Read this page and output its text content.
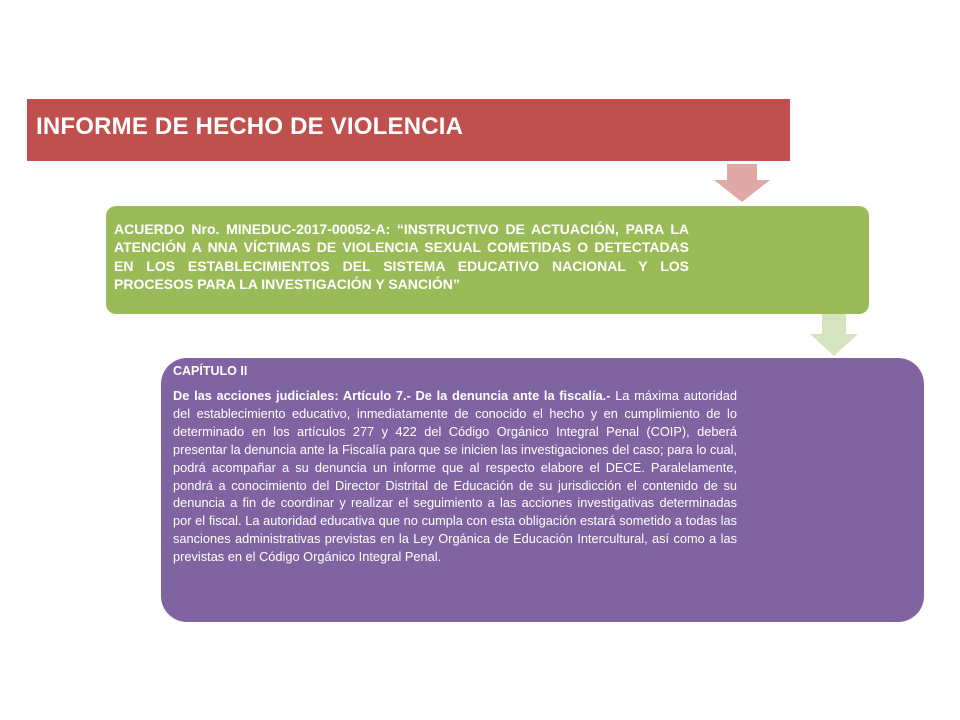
INFORME DE HECHO DE VIOLENCIA
ACUERDO Nro. MINEDUC-2017-00052-A: “INSTRUCTIVO DE ACTUACIÓN, PARA LA ATENCIÓN A NNA VÍCTIMAS DE VIOLENCIA SEXUAL COMETIDAS O DETECTADAS EN LOS ESTABLECIMIENTOS DEL SISTEMA EDUCATIVO NACIONAL Y LOS PROCESOS PARA LA INVESTIGACIÓN Y SANCIÓN”
CAPÍTULO II
De las acciones judiciales: Artículo 7.- De la denuncia ante la fiscalía.- La máxima autoridad del establecimiento educativo, inmediatamente de conocido el hecho y en cumplimiento de lo determinado en los artículos 277 y 422 del Código Orgánico Integral Penal (COIP), deberá presentar la denuncia ante la Fiscalía para que se inicien las investigaciones del caso; para lo cual, podrá acompañar a su denuncia un informe que al respecto elabore el DECE. Paralelamente, pondrá a conocimiento del Director Distrital de Educación de su jurisdicción el contenido de su denuncia a fin de coordinar y realizar el seguimiento a las acciones investigativas determinadas por el fiscal. La autoridad educativa que no cumpla con esta obligación estará sometido a todas las sanciones administrativas previstas en la Ley Orgánica de Educación Intercultural, así como a las previstas en el Código Orgánico Integral Penal.
